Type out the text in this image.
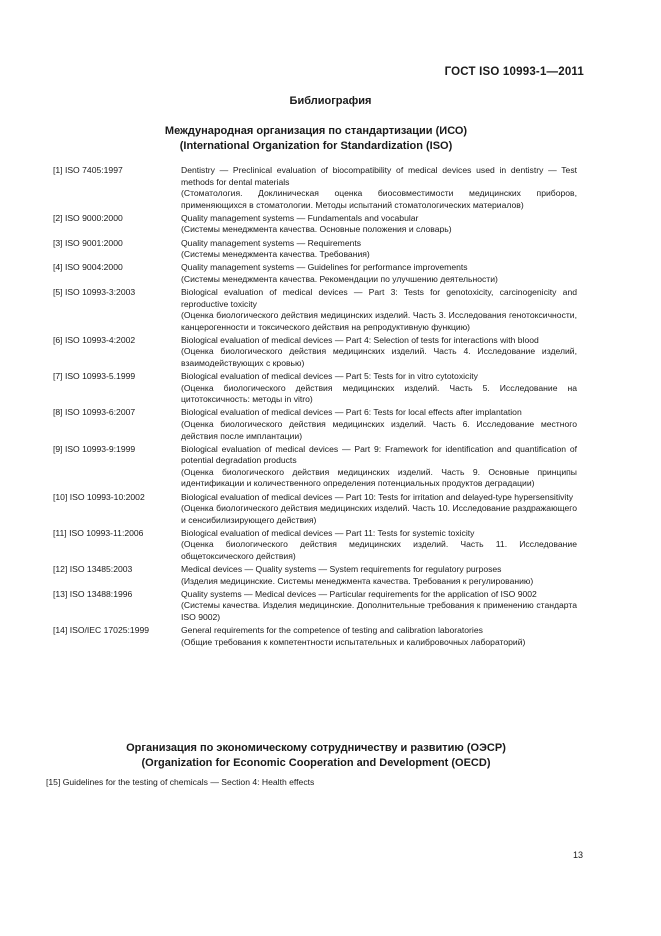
ГОСТ ISO 10993-1—2011
Библиография
Международная организация по стандартизации (ИСО)
(International Organization for Standardization (ISO)
[1] ISO 7405:1997	Dentistry — Preclinical evaluation of biocompatibility of medical devices used in dentistry — Test methods for dental materials
(Стоматология. Доклиническая оценка биосовместимости медицинских приборов, применяющихся в стоматологии. Методы испытаний стоматологических материалов)
[2] ISO 9000:2000	Quality management systems — Fundamentals and vocabular
(Системы менеджмента качества. Основные положения и словарь)
[3] ISO 9001:2000	Quality management systems — Requirements
(Системы менеджмента качества. Требования)
[4] ISO 9004:2000	Quality management systems — Guidelines for performance improvements
(Системы менеджмента качества. Рекомендации по улучшению деятельности)
[5] ISO 10993-3:2003	Biological evaluation of medical devices — Part 3: Tests for genotoxicity, carcinogenicity and reproductive toxicity
(Оценка биологического действия медицинских изделий. Часть 3. Исследования генотоксичности, канцерогенности и токсического действия на репродуктивную функцию)
[6] ISO 10993-4:2002	Biological evaluation of medical devices — Part 4: Selection of tests for interactions with blood
(Оценка биологического действия медицинских изделий. Часть 4. Исследование изделий, взаимодействующих с кровью)
[7] ISO 10993-5.1999	Biological evaluation of medical devices — Part 5: Tests for in vitro cytotoxicity
(Оценка биологического действия медицинских изделий. Часть 5. Исследование на цитотоксичность: методы in vitro)
[8] ISO 10993-6:2007	Biological evaluation of medical devices — Part 6: Tests for local effects after implantation
(Оценка биологического действия медицинских изделий. Часть 6. Исследование местного действия после имплантации)
[9] ISO 10993-9:1999	Biological evaluation of medical devices — Part 9: Framework for identification and quantification of potential degradation products
(Оценка биологического действия медицинских изделий. Часть 9. Основные принципы идентификации и количественного определения потенциальных продуктов деградации)
[10] ISO 10993-10:2002	Biological evaluation of medical devices — Part 10: Tests for irritation and delayed-type hypersensitivity
(Оценка биологического действия медицинских изделий. Часть 10. Исследование раздражающего и сенсибилизирующего действия)
[11] ISO 10993-11:2006	Biological evaluation of medical devices — Part 11: Tests for systemic toxicity
(Оценка биологического действия медицинских изделий. Часть 11. Исследование общетоксического действия)
[12] ISO 13485:2003	Medical devices — Quality systems — System requirements for regulatory purposes
(Изделия медицинские. Системы менеджмента качества. Требования к регулированию)
[13] ISO 13488:1996	Quality systems — Medical devices — Particular requirements for the application of ISO 9002
(Системы качества. Изделия медицинские. Дополнительные требования к применению стандарта ISO 9002)
[14] ISO/IEC 17025:1999	General requirements for the competence of testing and calibration laboratories
(Общие требования к компетентности испытательных и калибровочных лабораторий)
Организация по экономическому сотрудничеству и развитию (ОЭСР)
(Organization for Economic Cooperation and Development (OECD)
[15] Guidelines for the testing of chemicals — Section 4: Health effects
13
